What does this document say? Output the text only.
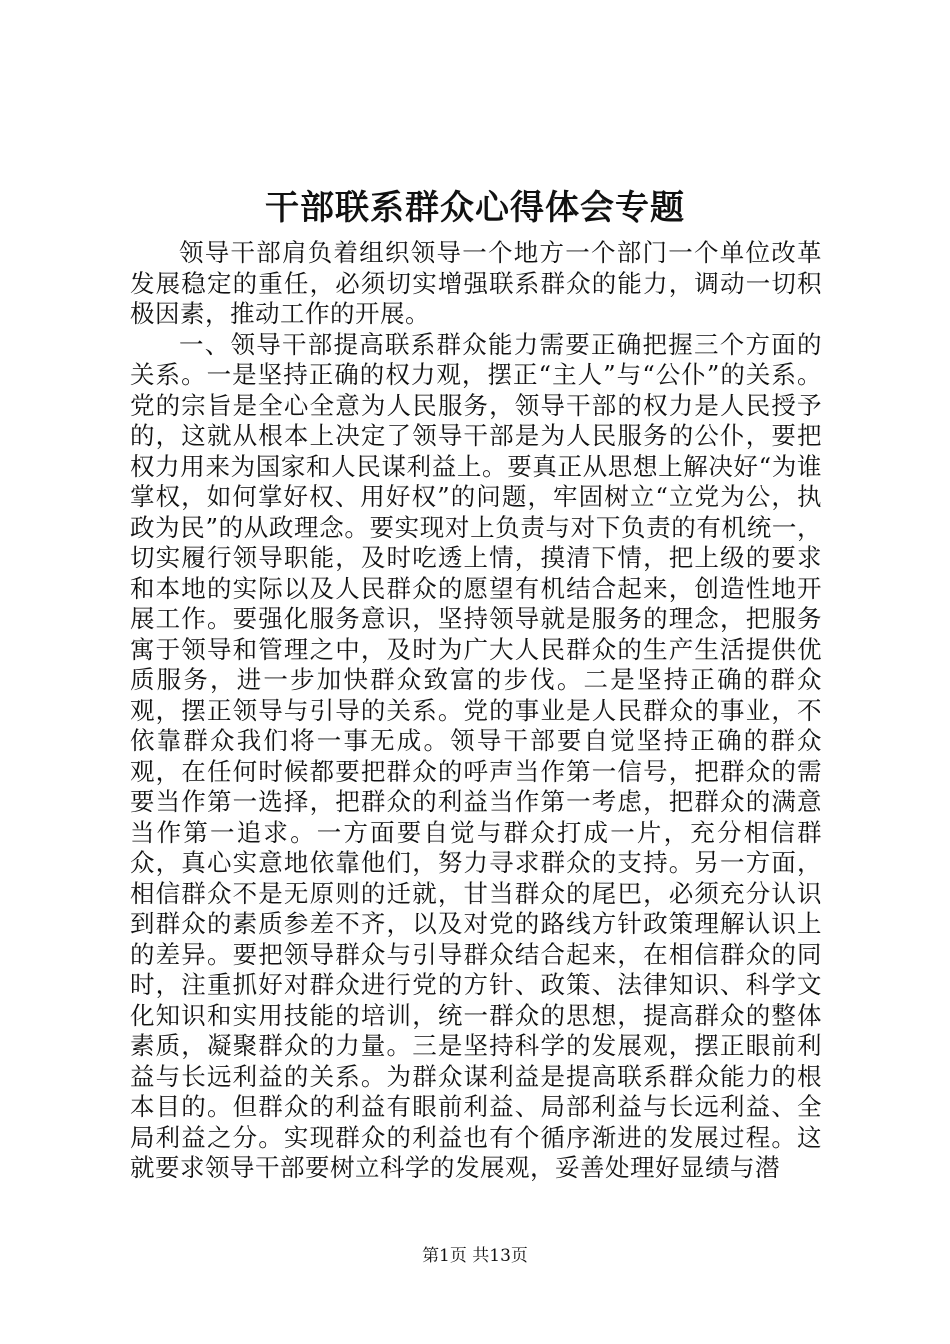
干部联系群众心得体会专题

领导干部肩负着组织领导一个地方一个部门一个单位改革发展稳定的重任，必须切实增强联系群众的能力，调动一切积极因素，推动工作的开展。

一、领导干部提高联系群众能力需要正确把握三个方面的关系。一是坚持正确的权力观，摆正“主人”与“公仆”的关系。党的宗旨是全心全意为人民服务，领导干部的权力是人民授予的，这就从根本上决定了领导干部是为人民服务的公仆，要把权力用来为国家和人民谋利益上。要真正从思想上解决好“为谁掌权，如何掌好权、用好权”的问题，牢固树立“立党为公，执政为民”的从政理念。要实现对上负责与对下负责的有机统一，切实履行领导职能，及时吃透上情，摸清下情，把上级的要求和本地的实际以及人民群众的愿望有机结合起来，创造性地开展工作。要强化服务意识，坚持领导就是服务的理念，把服务寓于领导和管理之中，及时为广大人民群众的生产生活提供优质服务，进一步加快群众致富的步伐。二是坚持正确的群众观，摆正领导与引导的关系。党的事业是人民群众的事业，不依靠群众我们将一事无成。领导干部要自觉坚持正确的群众观，在任何时候都要把群众的呼声当作第一信号，把群众的需要当作第一选择，把群众的利益当作第一考虑，把群众的满意当作第一追求。一方面要自觉与群众打成一片，充分相信群众，真心实意地依靠他们，努力寻求群众的支持。另一方面，相信群众不是无原则的迁就，甘当群众的尾巴，必须充分认识到群众的素质参差不齐，以及对党的路线方针政策理解认识上的差异。要把领导群众与引导群众结合起来，在相信群众的同时，注重抓好对群众进行党的方针、政策、法律知识、科学文化知识和实用技能的培训，统一群众的思想，提高群众的整体素质，凝聚群众的力量。三是坚持科学的发展观，摆正眼前利益与长远利益的关系。为群众谋利益是提高联系群众能力的根本目的。但群众的利益有眼前利益、局部利益与长远利益、全局利益之分。实现群众的利益也有个循序渐进的发展过程。这就要求领导干部要树立科学的发展观，妥善处理好显绩与潜

第1页 共13页
